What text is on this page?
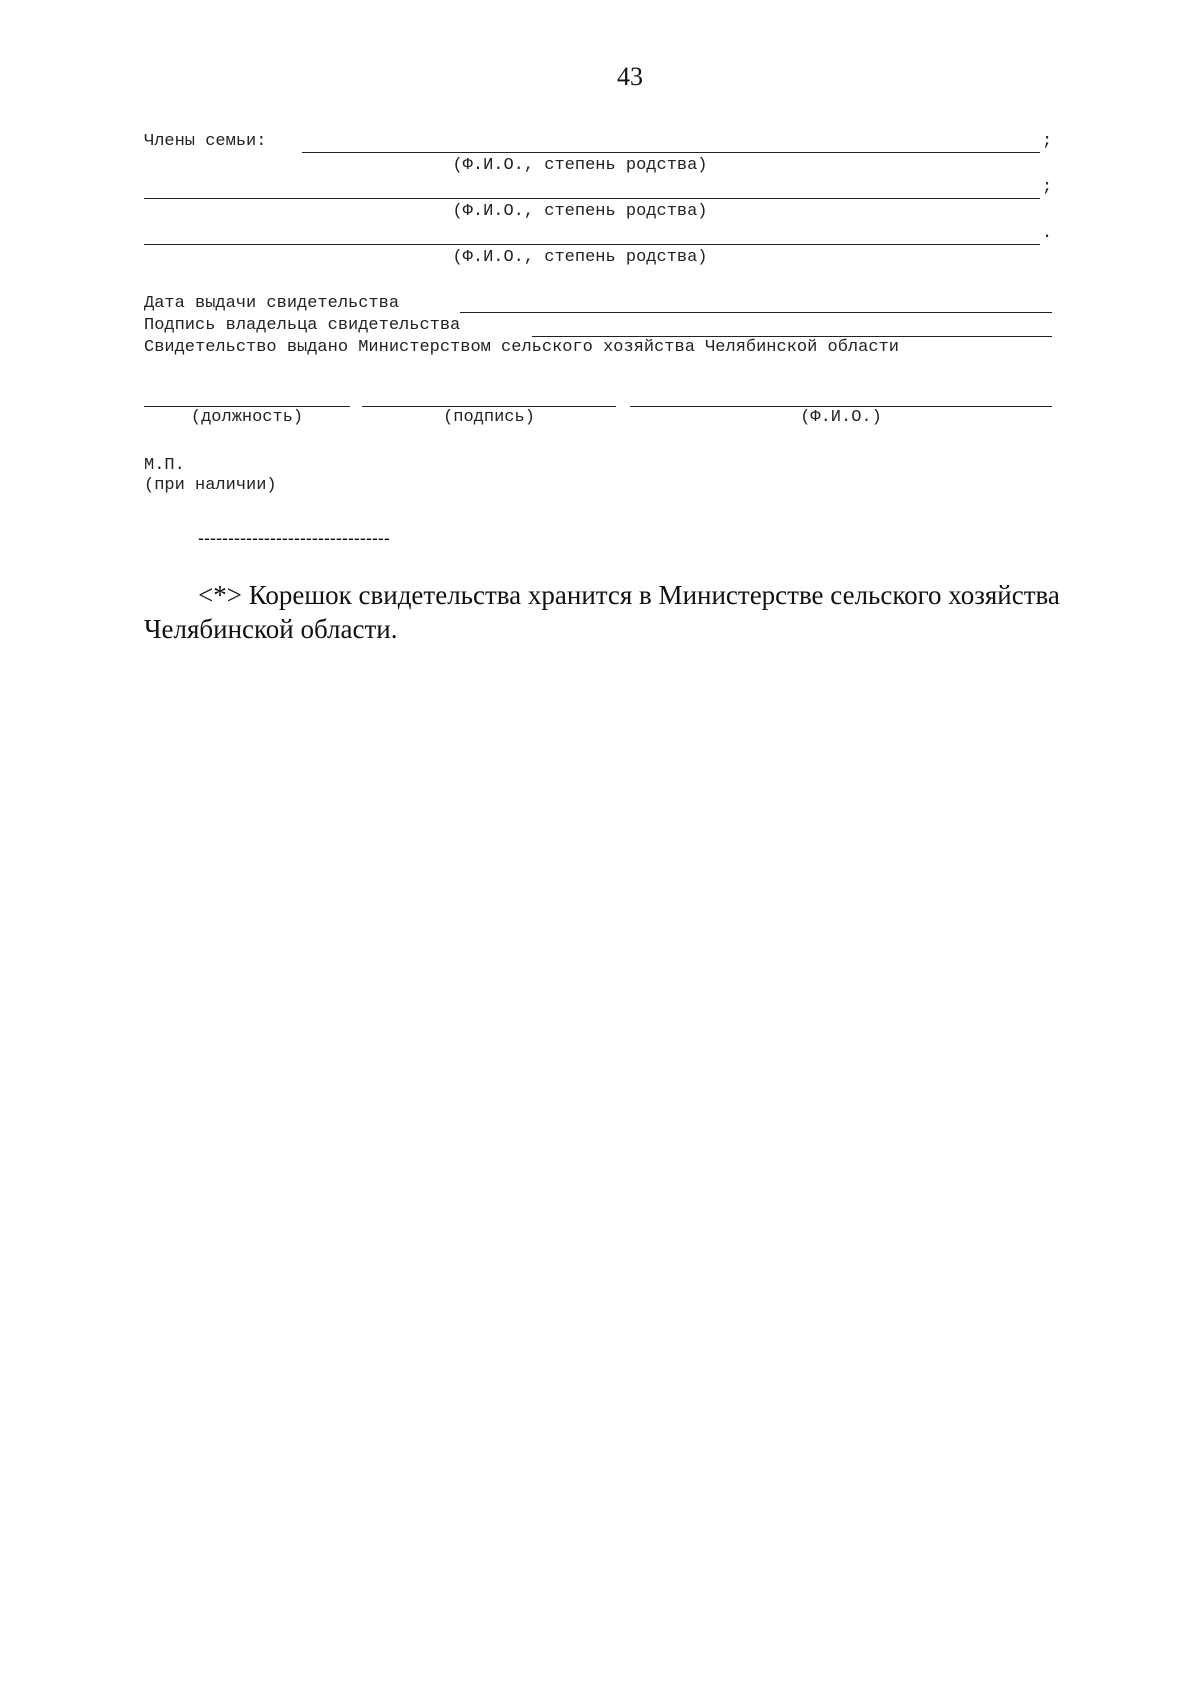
43
Члены семьи:	;
(Ф.И.О., степень родства)
;
(Ф.И.О., степень родства)
.
(Ф.И.О., степень родства)
Дата выдачи свидетельства
Подпись владельца свидетельства
Свидетельство выдано Министерством сельского хозяйства Челябинской области
(должность)	(подпись)	(Ф.И.О.)
М.П.
(при наличии)
--------------------------------
<*> Корешок свидетельства хранится в Министерстве сельского хозяйства Челябинской области.
